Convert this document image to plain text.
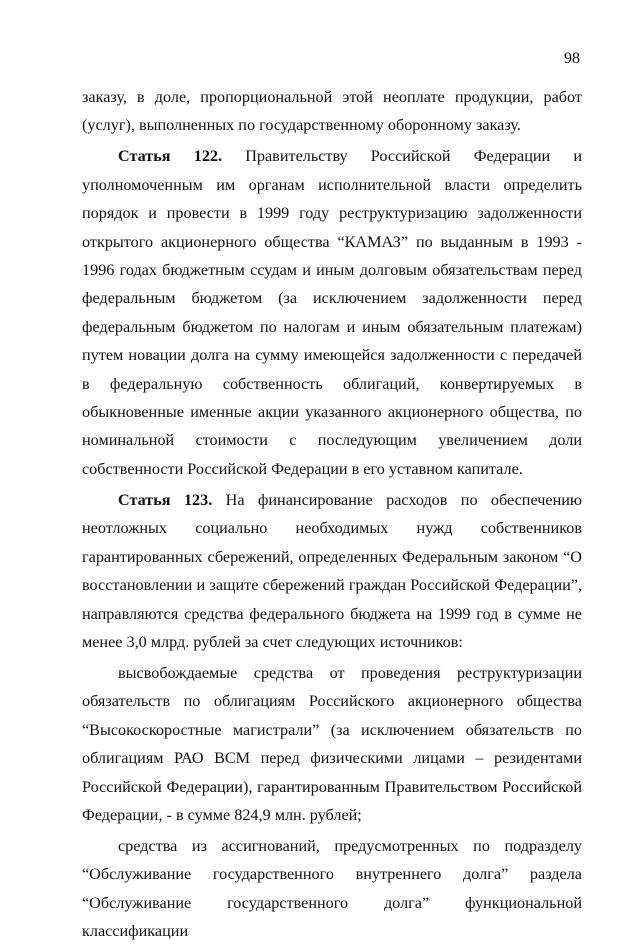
98

заказу, в доле, пропорциональной этой неоплате продукции, работ (услуг), выполненных по государственному оборонному заказу.

Статья 122. Правительству Российской Федерации и уполномоченным им органам исполнительной власти определить порядок и провести в 1999 году реструктуризацию задолженности открытого акционерного общества “КАМАЗ” по выданным в 1993 - 1996 годах бюджетным ссудам и иным долговым обязательствам перед федеральным бюджетом (за исключением задолженности перед федеральным бюджетом по налогам и иным обязательным платежам) путем новации долга на сумму имеющейся задолженности с передачей в федеральную собственность облигаций, конвертируемых в обыкновенные именные акции указанного акционерного общества, по номинальной стоимости с последующим увеличением доли собственности Российской Федерации в его уставном капитале.

Статья 123. На финансирование расходов по обеспечению неотложных социально необходимых нужд собственников гарантированных сбережений, определенных Федеральным законом “О восстановлении и защите сбережений граждан Российской Федерации”, направляются средства федерального бюджета на 1999 год в сумме не менее 3,0 млрд. рублей за счет следующих источников:

высвобождаемые средства от проведения реструктуризации обязательств по облигациям Российского акционерного общества “Высокоскоростные магистрали” (за исключением обязательств по облигациям РАО ВСМ перед физическими лицами – резидентами Российской Федерации), гарантированным Правительством Российской Федерации, - в сумме 824,9 млн. рублей;

средства из ассигнований, предусмотренных по подразделу “Обслуживание государственного внутреннего долга” раздела “Обслуживание государственного долга” функциональной классификации
